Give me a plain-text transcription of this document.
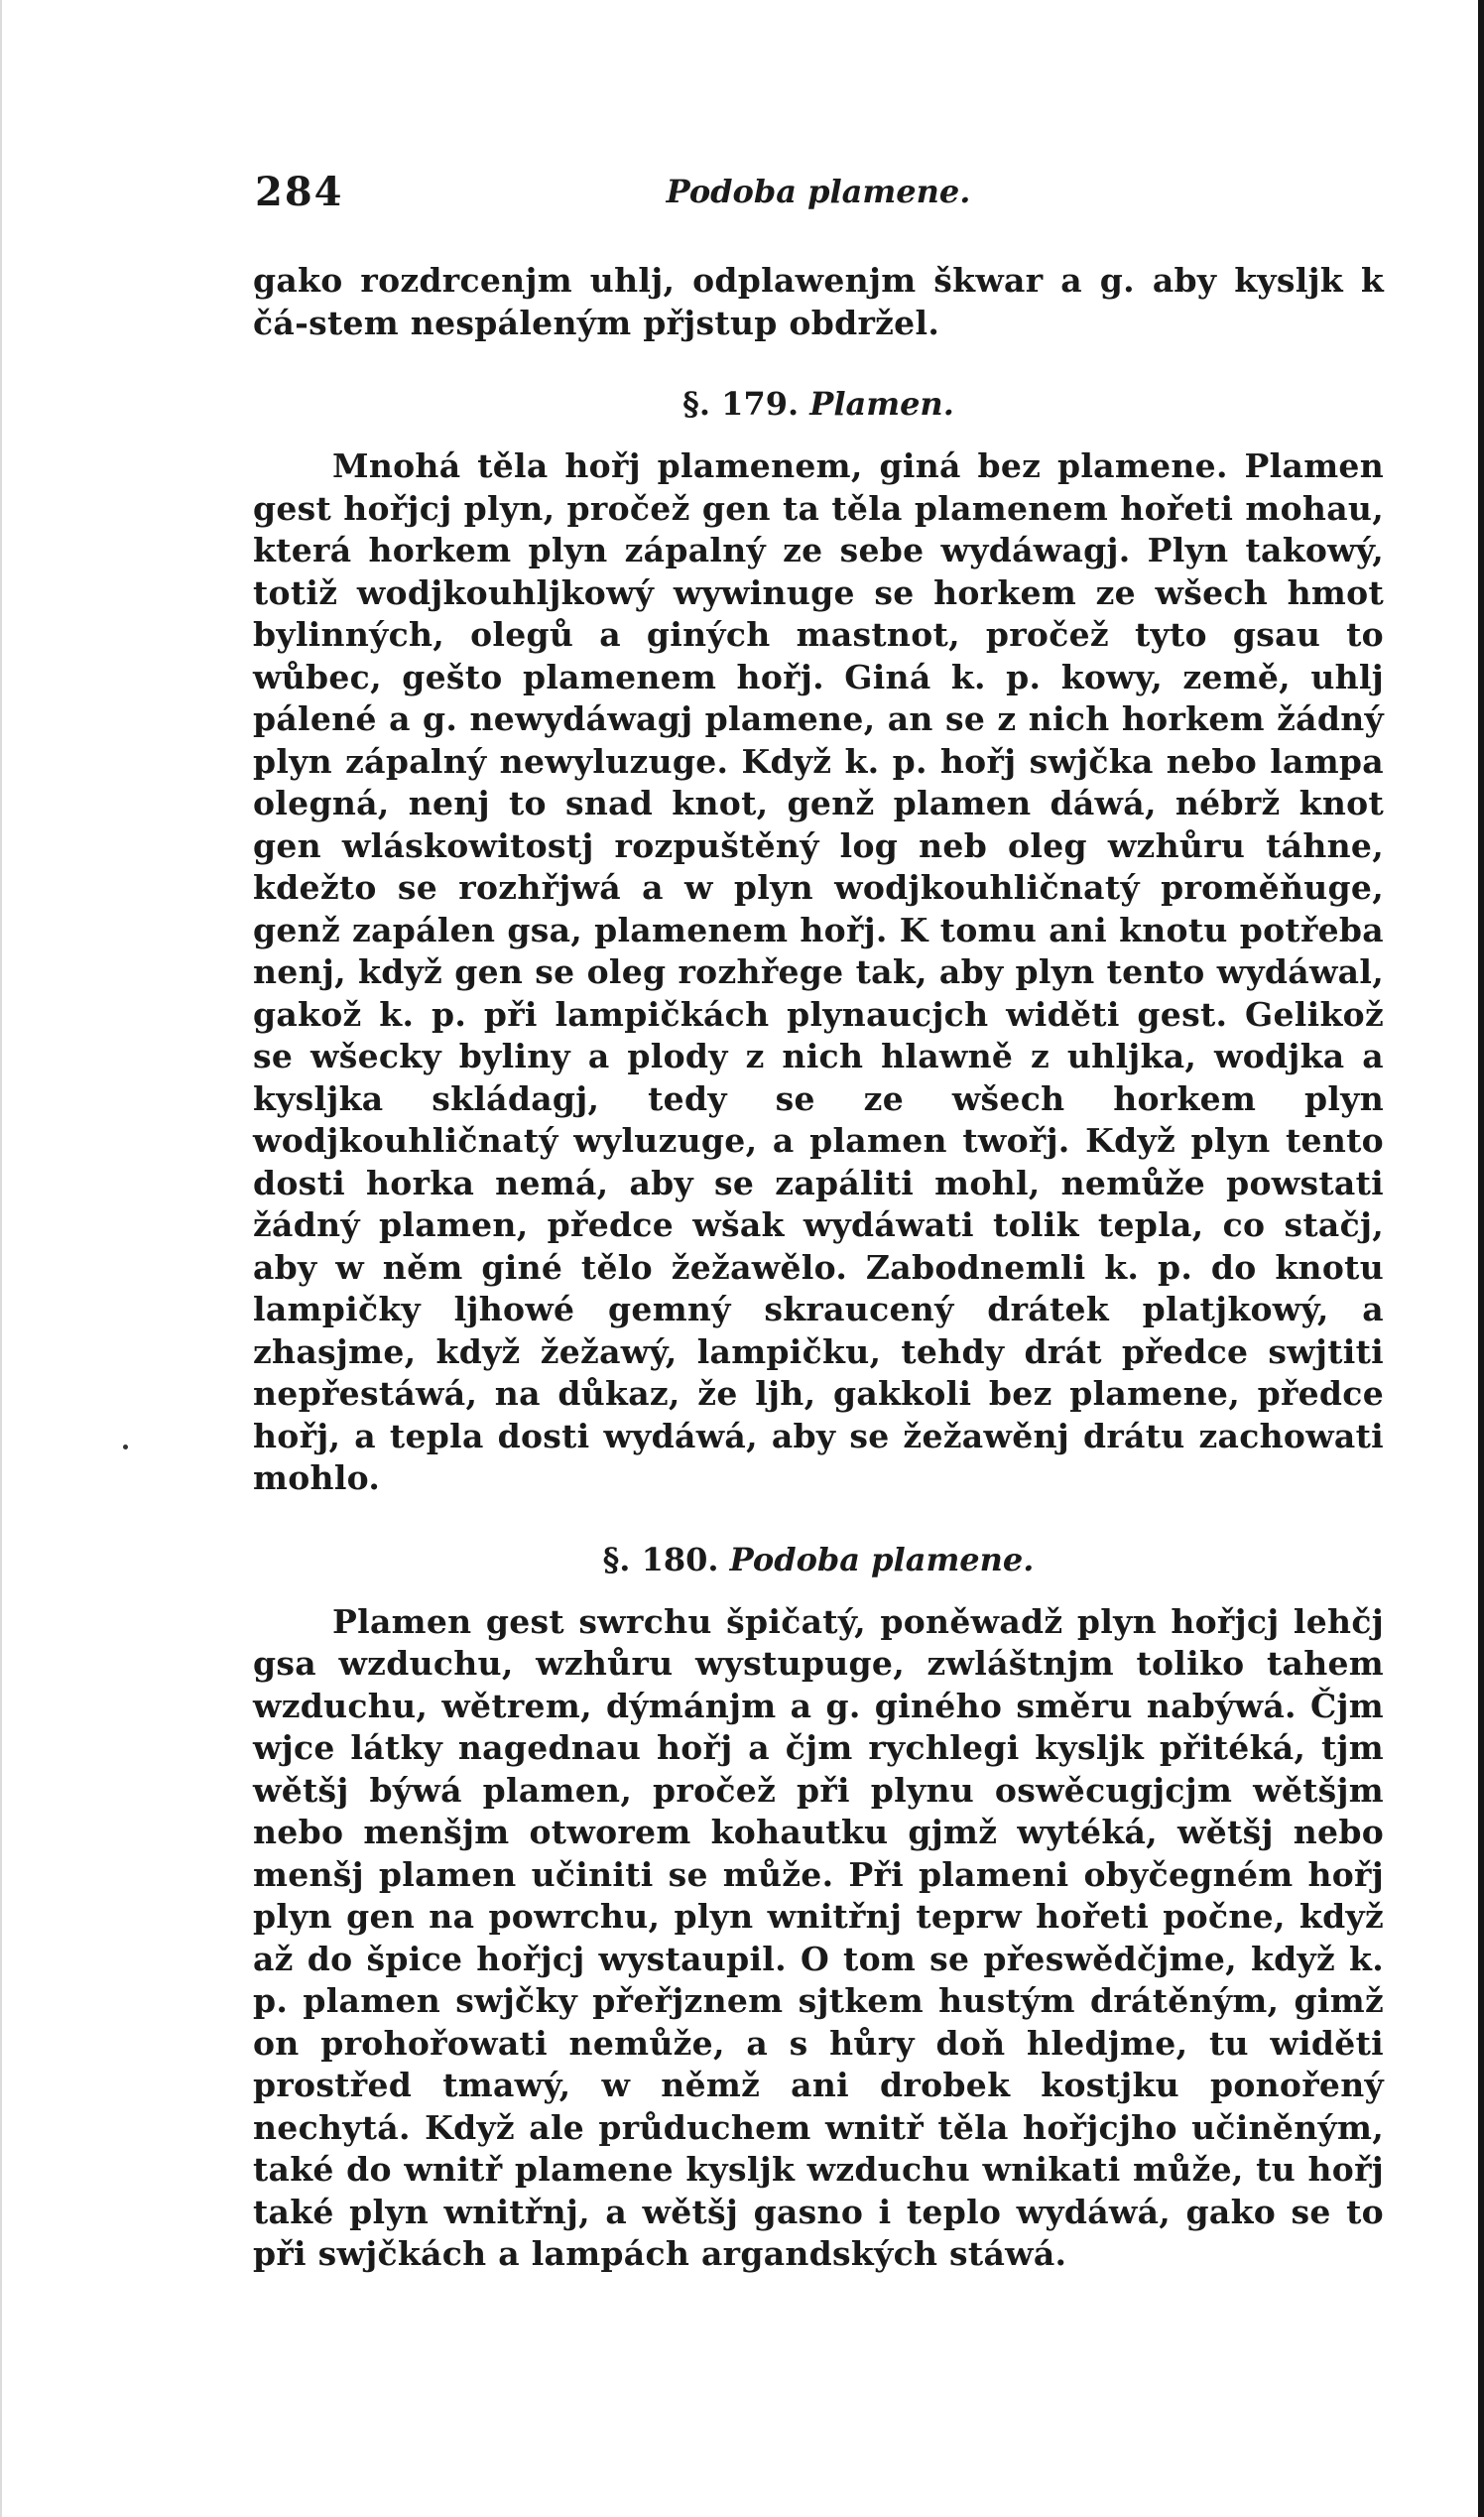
284	Podoba plamene.

gako rozdrcenjm uhlj, odplawenjm škwar a g. aby kysljk k čá-stem nespáleným přjstup obdržel.

§. 179. Plamen.

Mnohá těla hořj plamenem, giná bez plamene. Plamen gest hořjcj plyn, pročež gen ta těla plamenem hořeti mohau, která horkem plyn zápalný ze sebe wydáwagj. Plyn takowý, totiž wodjkouhljkowý wywinuge se horkem ze wšech hmot bylinných, olegů a giných mastnot, pročež tyto gsau to wůbec, gešto plamenem hořj. Giná k. p. kowy, země, uhlj pálené a g. newydáwagj plamene, an se z nich horkem žádný plyn zápalný newyluzuge. Když k. p. hořj swjčka nebo lampa olegná, nenj to snad knot, genž plamen dáwá, nébrž knot gen wláskowitostj rozpuštěný log neb oleg wzhůru táhne, kdežto se rozhřjwá a w plyn wodjkouhličnatý proměňuge, genž zapálen gsa, plamenem hořj. K tomu ani knotu potřeba nenj, když gen se oleg rozhřege tak, aby plyn tento wydáwal, gakož k. p. při lampičkách plynaucjch widěti gest. Gelikož se wšecky byliny a plody z nich hlawně z uhljka, wodjka a kysljka skládagj, tedy se ze wšech horkem plyn wodjkouhličnatý wyluzuge, a plamen twořj. Když plyn tento dosti horka nemá, aby se zapáliti mohl, nemůže powstati žádný plamen, předce wšak wydáwati tolik tepla, co stačj, aby w něm giné tělo žežawělo. Zabodnemli k. p. do knotu lampičky ljhowé gemný skraucený drátek platjkowý, a zhasjme, když žežawý, lampičku, tehdy drát předce swjtiti nepřestáwá, na důkaz, že ljh, gakkoli bez plamene, předce hořj, a tepla dosti wydáwá, aby se žežawěnj drátu zachowati mohlo.

§. 180. Podoba plamene.

Plamen gest swrchu špičatý, poněwadž plyn hořjcj lehčj gsa wzduchu, wzhůru wystupuge, zwláštnjm toliko tahem wzduchu, wětrem, dýmánjm a g. giného směru nabýwá. Čjm wjce látky nagednau hořj a čjm rychlegi kysljk přitéká, tjm wětšj býwá plamen, pročež při plynu oswěcugjcjm wětšjm nebo menšjm otworem kohautku gjmž wytéká, wětšj nebo menšj plamen učiniti se může. Při plameni obyčegném hořj plyn gen na powrchu, plyn wnitřnj teprw hořeti počne, když až do špice hořjcj wystaupil. O tom se přeswědčjme, když k. p. plamen swjčky přeřjznem sjtkem hustým drátěným, gimž on prohořowati nemůže, a s hůry doň hledjme, tu widěti prostřed tmawý, w němž ani drobek kostjku ponořený nechytá. Když ale průduchem wnitř těla hořjcjho učiněným, také do wnitř plamene kysljk wzduchu wnikati může, tu hořj také plyn wnitřnj, a wětšj gasno i teplo wydáwá, gako se to při swjčkách a lampách argandských stáwá.
